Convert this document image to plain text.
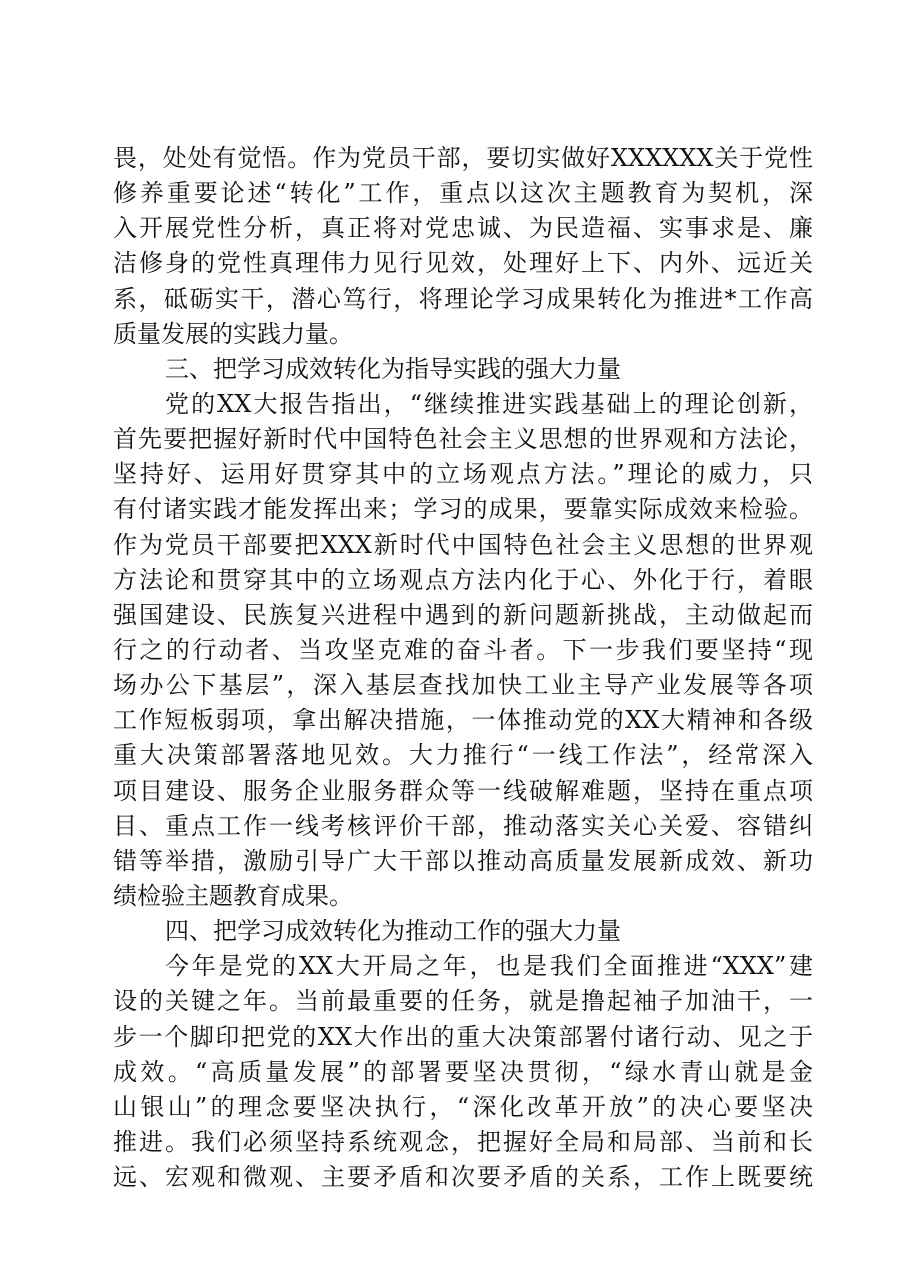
畏，处处有觉悟。作为党员干部，要切实做好XXXXXX关于党性
修养重要论述“转化”工作，重点以这次主题教育为契机，深
入开展党性分析，真正将对党忠诚、为民造福、实事求是、廉
洁修身的党性真理伟力见行见效，处理好上下、内外、远近关
系，砥砺实干，潜心笃行，将理论学习成果转化为推进*工作高
质量发展的实践力量。
三、把学习成效转化为指导实践的强大力量
党的XX大报告指出，“继续推进实践基础上的理论创新，
首先要把握好新时代中国特色社会主义思想的世界观和方法论，
坚持好、运用好贯穿其中的立场观点方法。”理论的威力，只
有付诸实践才能发挥出来；学习的成果，要靠实际成效来检验。
作为党员干部要把XXX新时代中国特色社会主义思想的世界观
方法论和贯穿其中的立场观点方法内化于心、外化于行，着眼
强国建设、民族复兴进程中遇到的新问题新挑战，主动做起而
行之的行动者、当攻坚克难的奋斗者。下一步我们要坚持“现
场办公下基层”，深入基层查找加快工业主导产业发展等各项
工作短板弱项，拿出解决措施，一体推动党的XX大精神和各级
重大决策部署落地见效。大力推行“一线工作法”，经常深入
项目建设、服务企业服务群众等一线破解难题，坚持在重点项
目、重点工作一线考核评价干部，推动落实关心关爱、容错纠
错等举措，激励引导广大干部以推动高质量发展新成效、新功
绩检验主题教育成果。
四、把学习成效转化为推动工作的强大力量
今年是党的XX大开局之年，也是我们全面推进“XXX”建
设的关键之年。当前最重要的任务，就是撸起袖子加油干，一
步一个脚印把党的XX大作出的重大决策部署付诸行动、见之于
成效。“高质量发展”的部署要坚决贯彻，“绿水青山就是金
山银山”的理念要坚决执行，“深化改革开放”的决心要坚决
推进。我们必须坚持系统观念，把握好全局和局部、当前和长
远、宏观和微观、主要矛盾和次要矛盾的关系，工作上既要统
